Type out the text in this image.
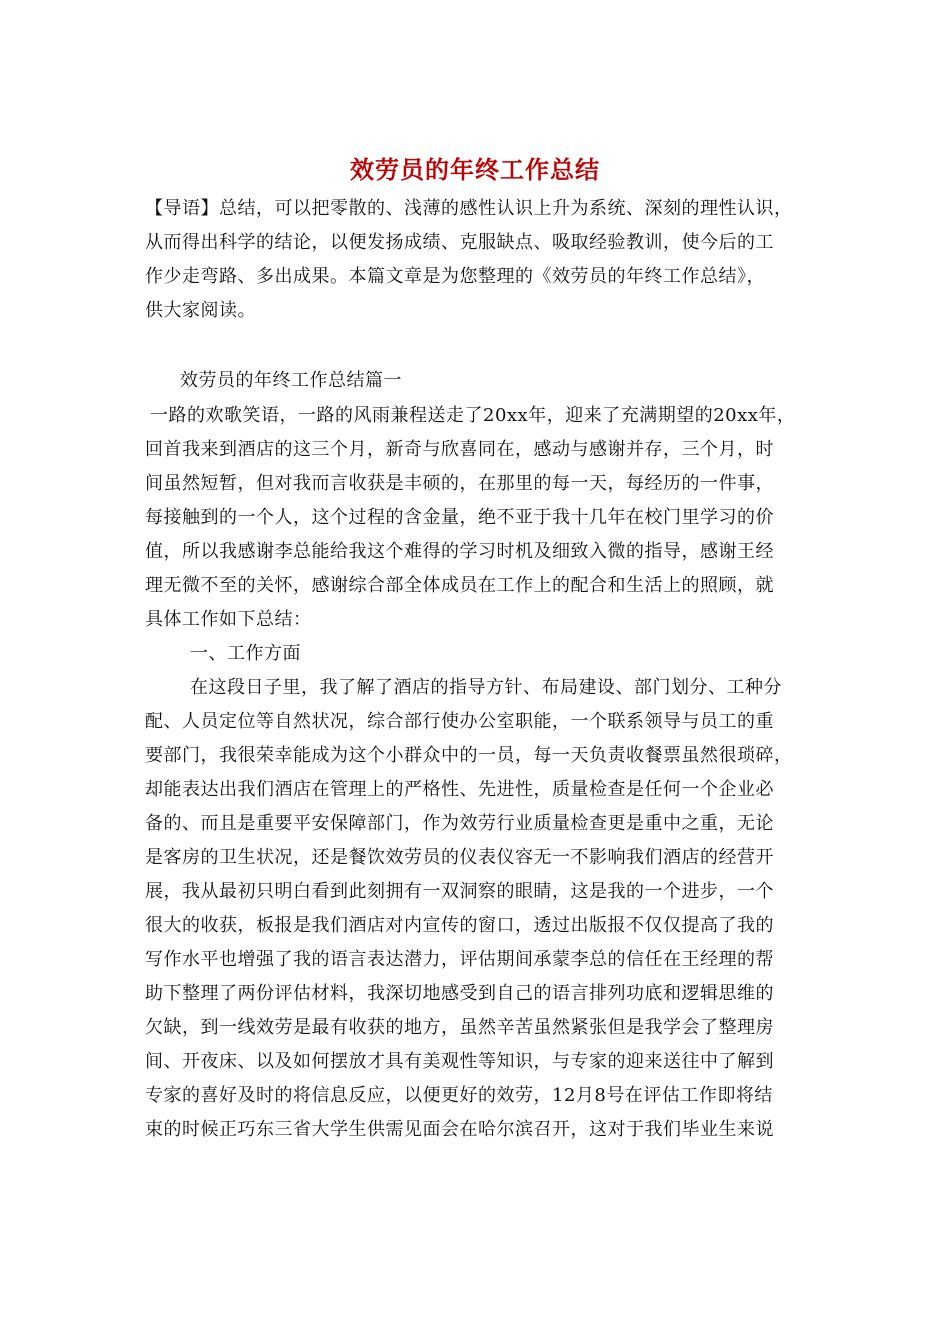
效劳员的年终工作总结
【导语】总结，可以把零散的、浅薄的感性认识上升为系统、深刻的理性认识，
从而得出科学的结论，以便发扬成绩、克服缺点、吸取经验教训，使今后的工
作少走弯路、多出成果。本篇文章是为您整理的《效劳员的年终工作总结》，
供大家阅读。
效劳员的年终工作总结篇一
一路的欢歌笑语，一路的风雨兼程送走了20xx年，迎来了充满期望的20xx年，
回首我来到酒店的这三个月，新奇与欣喜同在，感动与感谢并存，三个月，时
间虽然短暂，但对我而言收获是丰硕的，在那里的每一天，每经历的一件事，
每接触到的一个人，这个过程的含金量，绝不亚于我十几年在校门里学习的价
值，所以我感谢李总能给我这个难得的学习时机及细致入微的指导，感谢王经
理无微不至的关怀，感谢综合部全体成员在工作上的配合和生活上的照顾，就
具体工作如下总结：
一、工作方面
在这段日子里，我了解了酒店的指导方针、布局建设、部门划分、工种分
配、人员定位等自然状况，综合部行使办公室职能，一个联系领导与员工的重
要部门，我很荣幸能成为这个小群众中的一员，每一天负责收餐票虽然很琐碎，
却能表达出我们酒店在管理上的严格性、先进性，质量检查是任何一个企业必
备的、而且是重要平安保障部门，作为效劳行业质量检查更是重中之重，无论
是客房的卫生状况，还是餐饮效劳员的仪表仪容无一不影响我们酒店的经营开
展，我从最初只明白看到此刻拥有一双洞察的眼睛，这是我的一个进步，一个
很大的收获，板报是我们酒店对内宣传的窗口，透过出版报不仅仅提高了我的
写作水平也增强了我的语言表达潜力，评估期间承蒙李总的信任在王经理的帮
助下整理了两份评估材料，我深切地感受到自己的语言排列功底和逻辑思维的
欠缺，到一线效劳是最有收获的地方，虽然辛苦虽然紧张但是我学会了整理房
间、开夜床、以及如何摆放才具有美观性等知识，与专家的迎来送往中了解到
专家的喜好及时的将信息反应，以便更好的效劳，12月8号在评估工作即将结
束的时候正巧东三省大学生供需见面会在哈尔滨召开，这对于我们毕业生来说
